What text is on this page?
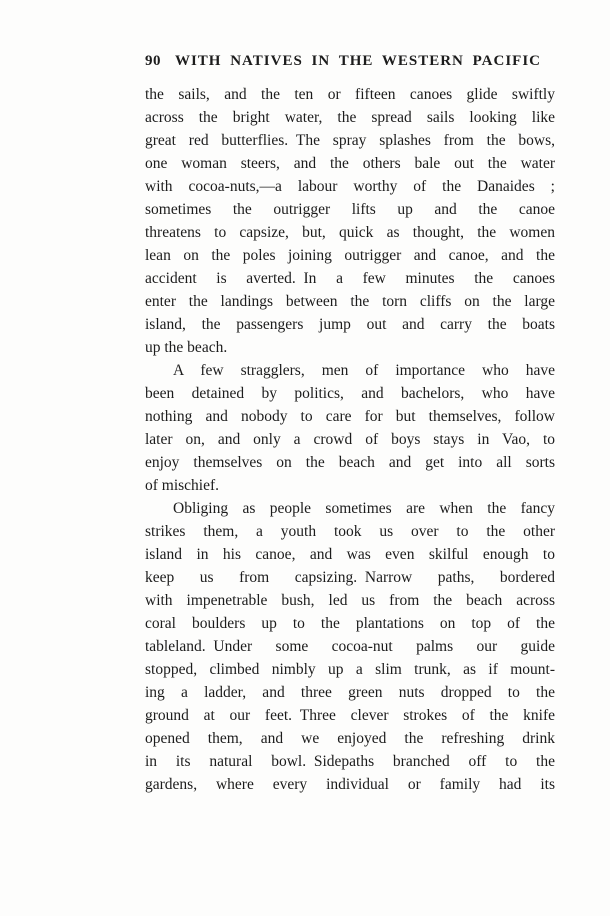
90 WITH NATIVES IN THE WESTERN PACIFIC

the sails, and the ten or fifteen canoes glide swiftly
across the bright water, the spread sails looking like
great red butterflies. The spray splashes from the bows,
one woman steers, and the others bale out the water
with cocoa-nuts,—a labour worthy of the Danaides ;
sometimes the outrigger lifts up and the canoe
threatens to capsize, but, quick as thought, the women
lean on the poles joining outrigger and canoe, and the
accident is averted. In a few minutes the canoes
enter the landings between the torn cliffs on the large
island, the passengers jump out and carry the boats
up the beach.

A few stragglers, men of importance who have
been detained by politics, and bachelors, who have
nothing and nobody to care for but themselves, follow
later on, and only a crowd of boys stays in Vao, to
enjoy themselves on the beach and get into all sorts
of mischief.

Obliging as people sometimes are when the fancy
strikes them, a youth took us over to the other
island in his canoe, and was even skilful enough to
keep us from capsizing. Narrow paths, bordered
with impenetrable bush, led us from the beach across
coral boulders up to the plantations on top of the
tableland. Under some cocoa-nut palms our guide
stopped, climbed nimbly up a slim trunk, as if mount-
ing a ladder, and three green nuts dropped to the
ground at our feet. Three clever strokes of the knife
opened them, and we enjoyed the refreshing drink
in its natural bowl. Sidepaths branched off to the
gardens, where every individual or family had its
